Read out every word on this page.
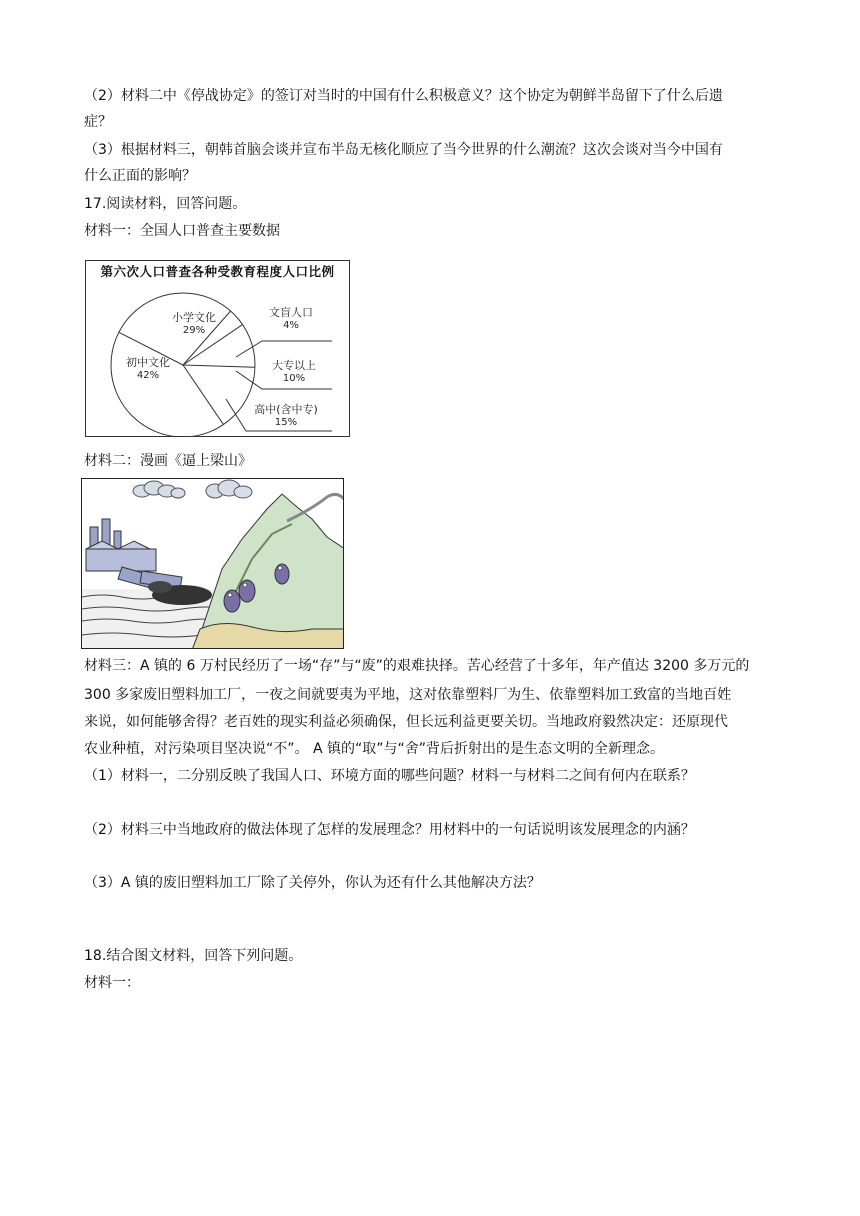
（2）材料二中《停战协定》的签订对当时的中国有什么积极意义？这个协定为朝鲜半岛留下了什么后遗
症？
（3）根据材料三，朝韩首脑会谈并宣布半岛无核化顺应了当今世界的什么潮流？这次会谈对当今中国有
什么正面的影响？
17.阅读材料，回答问题。
材料一：全国人口普查主要数据
第六次人口普查各种受教育程度人口比例
文盲人口
4%
大专以上
10%
高中(含中专)
15%
初中文化
42%
小学文化
29%
材料二：漫画《逼上梁山》
材料三：A 镇的 6 万村民经历了一场“存”与“废”的艰难抉择。苦心经营了十多年，年产值达 3200 多万元的
300 多家废旧塑料加工厂，一夜之间就要夷为平地，这对依靠塑料厂为生、依靠塑料加工致富的当地百姓
来说，如何能够舍得？老百姓的现实利益必须确保，但长远利益更要关切。当地政府毅然决定：还原现代
农业种植，对污染项目坚决说“不”。 A 镇的“取”与“舍”背后折射出的是生态文明的全新理念。
（1）材料一，二分别反映了我国人口、环境方面的哪些问题？材料一与材料二之间有何内在联系？
（2）材料三中当地政府的做法体现了怎样的发展理念？用材料中的一句话说明该发展理念的内涵？
（3）A 镇的废旧塑料加工厂除了关停外，你认为还有什么其他解决方法？
18.结合图文材料，回答下列问题。
材料一：
